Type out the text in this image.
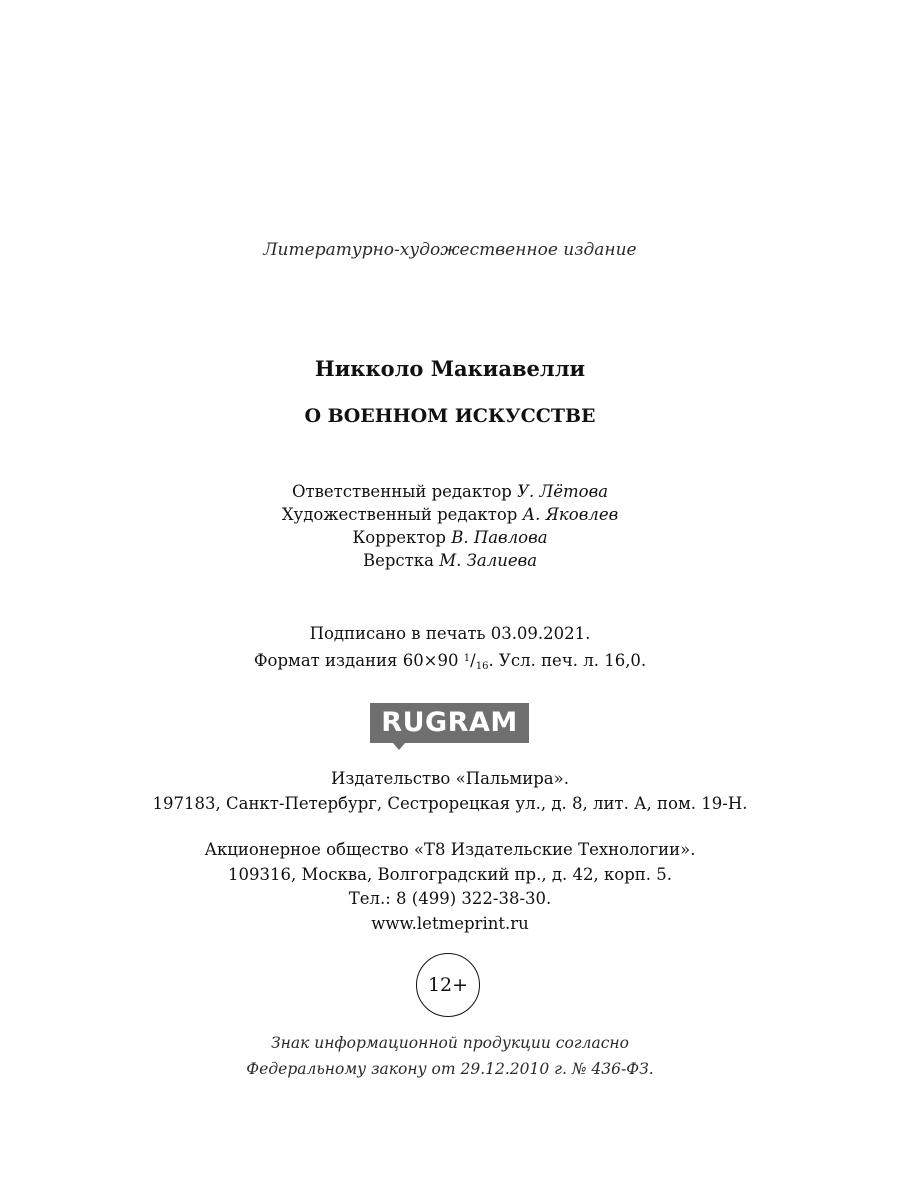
Литературно-художественное издание
Никколо Макиавелли
О ВОЕННОМ ИСКУССТВЕ
Ответственный редактор У. Лётова
Художественный редактор А. Яковлев
Корректор В. Павлова
Верстка М. Залиева
Подписано в печать 03.09.2021.
Формат издания 60×90 $^1/_{16}$. Усл. печ. л. 16,0.
RUGRAM
Издательство «Пальмира».
197183, Санкт-Петербург, Сестрорецкая ул., д. 8, лит. А, пом. 19-Н.
Акционерное общество «Т8 Издательские Технологии».
109316, Москва, Волгоградский пр., д. 42, корп. 5.
Тел.: 8 (499) 322-38-30.
www.letmeprint.ru
12+
Знак информационной продукции согласно
Федеральному закону от 29.12.2010 г. № 436-ФЗ.
